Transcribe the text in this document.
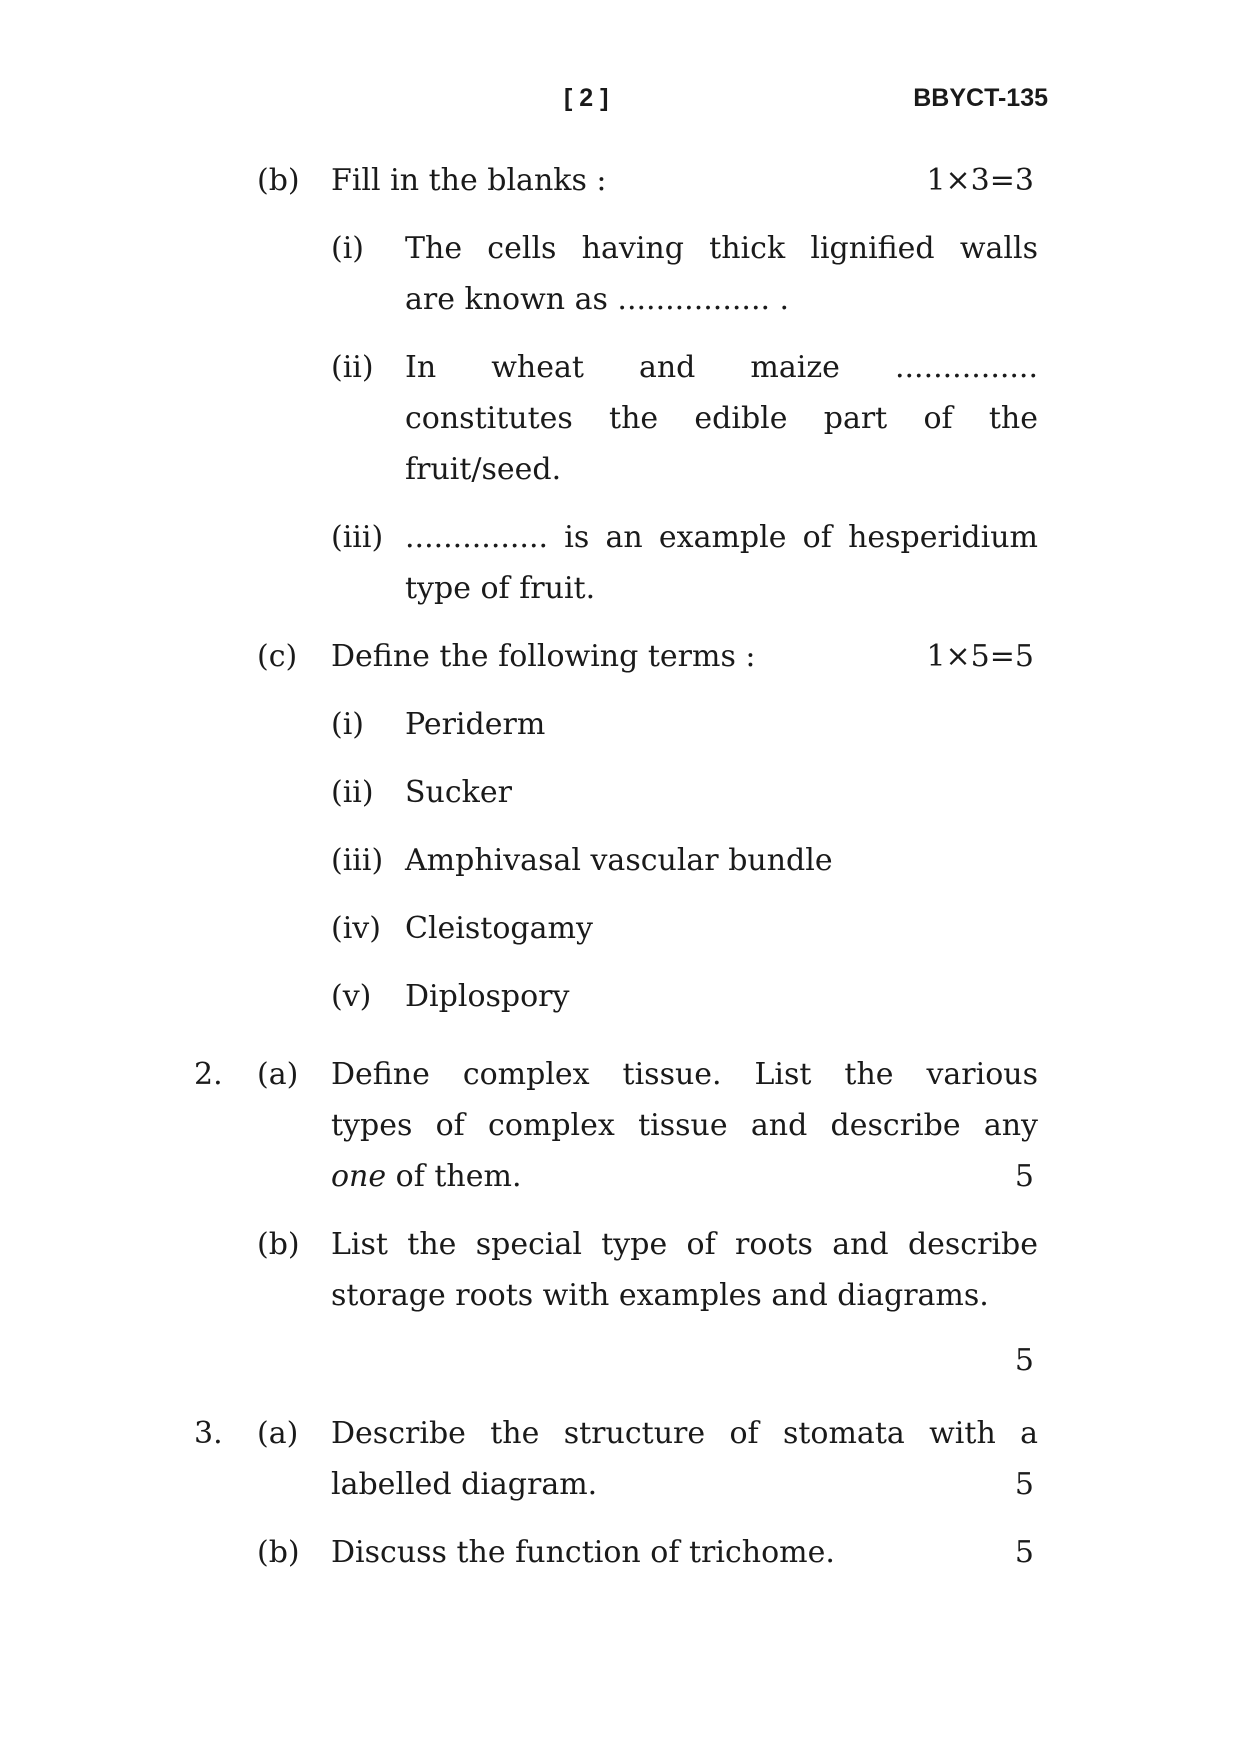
[ 2 ]	BBYCT-135
(b) Fill in the blanks :	1×3=3
(i) The cells having thick lignified walls
are known as ................ .
(ii) In wheat and maize ...............
constitutes the edible part of the
fruit/seed.
(iii) ............... is an example of hesperidium
type of fruit.
(c) Define the following terms :	1×5=5
(i) Periderm
(ii) Sucker
(iii) Amphivasal vascular bundle
(iv) Cleistogamy
(v) Diplospory
2. (a) Define complex tissue. List the various
types of complex tissue and describe any
one of them.	5
(b) List the special type of roots and describe
storage roots with examples and diagrams.
5
3. (a) Describe the structure of stomata with a
labelled diagram.	5
(b) Discuss the function of trichome.	5
